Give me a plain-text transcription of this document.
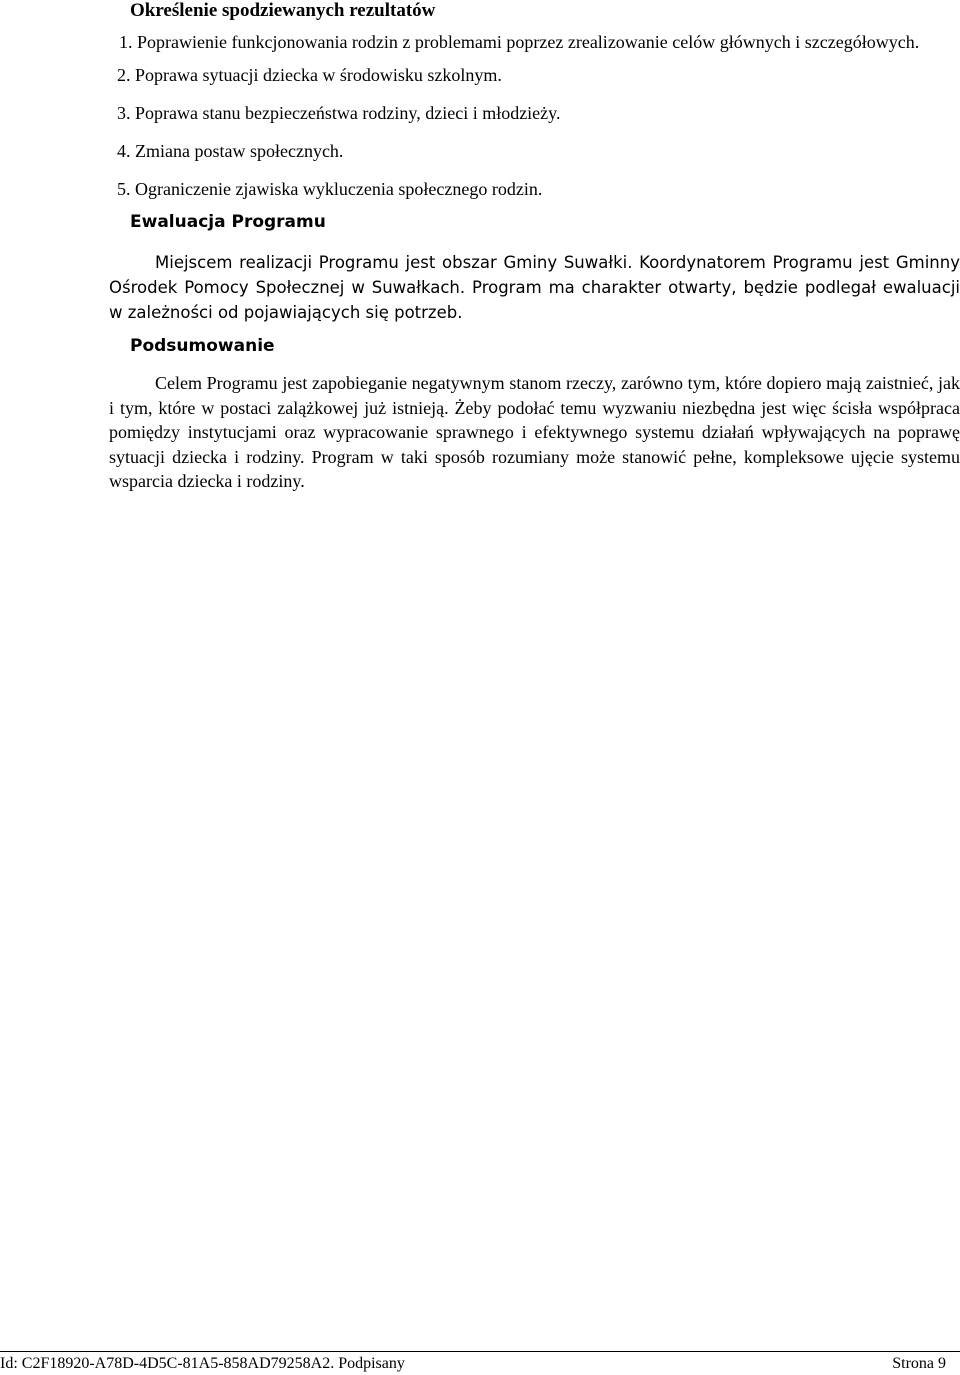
Określenie spodziewanych rezultatów

1. Poprawienie funkcjonowania rodzin z problemami poprzez zrealizowanie celów głównych i szczegółowych.

2. Poprawa sytuacji dziecka w środowisku szkolnym.

3. Poprawa stanu bezpieczeństwa rodziny, dzieci i młodzieży.

4. Zmiana postaw społecznych.

5. Ograniczenie zjawiska wykluczenia społecznego rodzin.

Ewaluacja Programu

Miejscem realizacji Programu jest obszar Gminy Suwałki. Koordynatorem Programu jest Gminny Ośrodek Pomocy Społecznej w Suwałkach. Program ma charakter otwarty, będzie podlegał ewaluacji w zależności od pojawiających się potrzeb.

Podsumowanie

Celem Programu jest zapobieganie negatywnym stanom rzeczy, zarówno tym, które dopiero mają zaistnieć, jak i tym, które w postaci zalążkowej już istnieją. Żeby podołać temu wyzwaniu niezbędna jest więc ścisła współpraca pomiędzy instytucjami oraz wypracowanie sprawnego i efektywnego systemu działań wpływających na poprawę sytuacji dziecka i rodziny. Program w taki sposób rozumiany może stanowić pełne, kompleksowe ujęcie systemu wsparcia dziecka i rodziny.

Id: C2F18920-A78D-4D5C-81A5-858AD79258A2. Podpisany	Strona 9
